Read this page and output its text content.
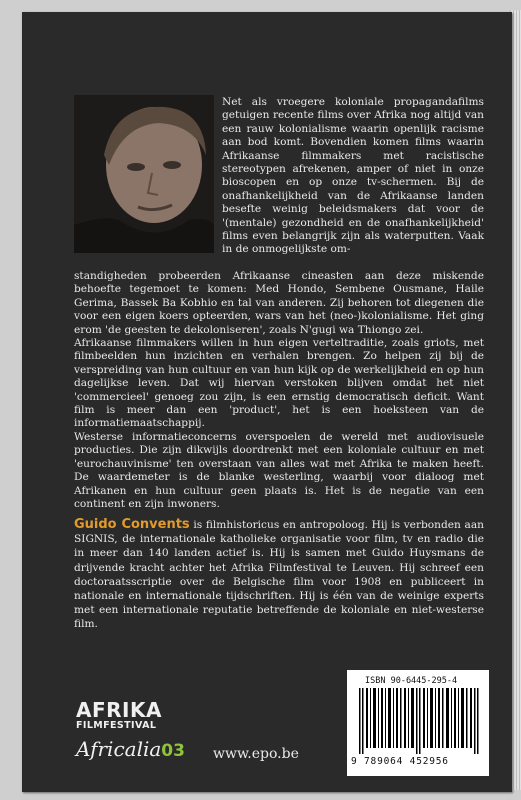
Net als vroegere koloniale propagandafilms getuigen recente films over Afrika nog altijd van een rauw kolonialisme waarin openlijk racisme aan bod komt. Bovendien komen films waarin Afrikaanse filmmakers met racistische stereotypen afrekenen, amper of niet in onze bioscopen en op onze tv-schermen. Bij de onafhankelijkheid van de Afrikaanse landen besefte weinig beleidsmakers dat voor de '(mentale) gezondheid en de onafhankelijkheid' films even belangrijk zijn als waterputten. Vaak in de onmogelijkste om-

standigheden probeerden Afrikaanse cineasten aan deze miskende behoefte tegemoet te komen: Med Hondo, Sembene Ousmane, Haile Gerima, Bassek Ba Kobhio en tal van anderen. Zij behoren tot diegenen die voor een eigen koers opteerden, wars van het (neo-)kolonialisme. Het ging erom 'de geesten te dekoloniseren', zoals N'gugi wa Thiongo zei.

Afrikaanse filmmakers willen in hun eigen verteltraditie, zoals griots, met filmbeelden hun inzichten en verhalen brengen. Zo helpen zij bij de verspreiding van hun cultuur en van hun kijk op de werkelijkheid en op hun dagelijkse leven. Dat wij hiervan verstoken blijven omdat het niet 'commercieel' genoeg zou zijn, is een ernstig democratisch deficit. Want film is meer dan een 'product', het is een hoeksteen van de informatiemaatschappij.

Westerse informatieconcerns overspoelen de wereld met audiovisuele producties. Die zijn dikwijls doordrenkt met een koloniale cultuur en met 'eurochauvinisme' ten overstaan van alles wat met Afrika te maken heeft. De waardemeter is de blanke westerling, waarbij voor dialoog met Afrikanen en hun cultuur geen plaats is. Het is de negatie van een continent en zijn inwoners.

Guido Convents is filmhistoricus en antropoloog. Hij is verbonden aan SIGNIS, de internationale katholieke organisatie voor film, tv en radio die in meer dan 140 landen actief is. Hij is samen met Guido Huysmans de drijvende kracht achter het Afrika Filmfestival te Leuven. Hij schreef een doctoraatsscriptie over de Belgische film voor 1908 en publiceert in nationale en internationale tijdschriften. Hij is één van de weinige experts met een internationale reputatie betreffende de koloniale en niet-westerse film.

AFRIKA
FILMFESTIVAL
Africalia03 www.epo.be
ISBN 90-6445-295-4
9 789064 452956
